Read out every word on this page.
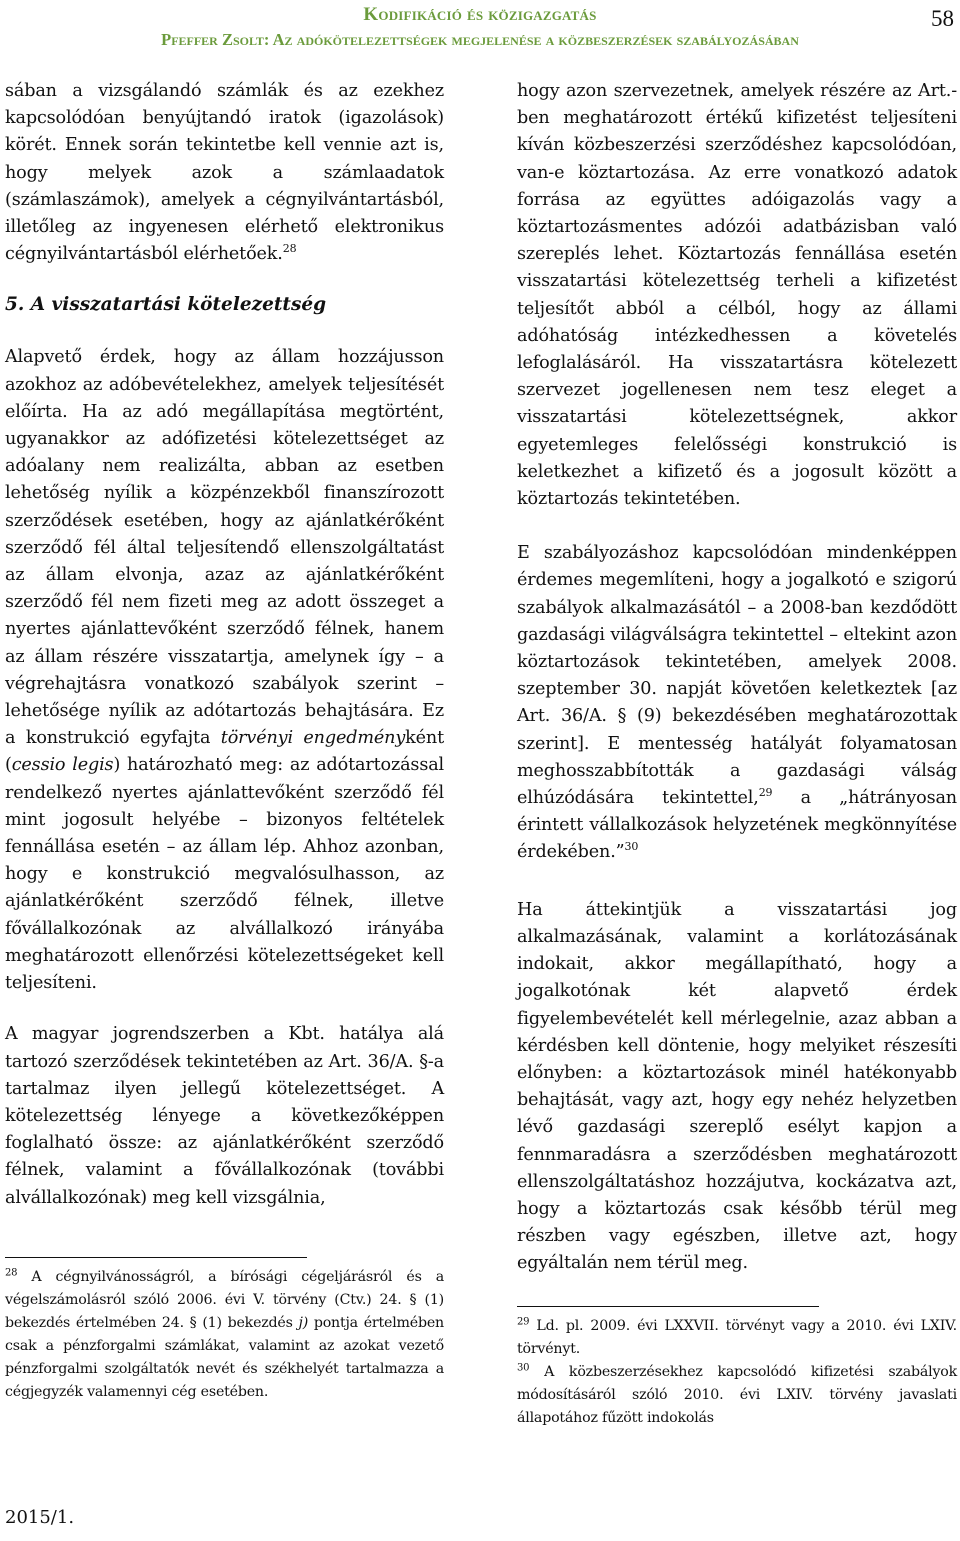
Kodifikáció és közigazgatás
Pfeffer Zsolt: Az adókötelezettségek megjelenése a közbeszerzések szabályozásában
58

sában a vizsgálandó számlák és az ezekhez kapcsolódóan benyújtandó iratok (igazolások) körét. Ennek során tekintetbe kell vennie azt is, hogy melyek azok a számlaadatok (számlaszámok), amelyek a cégnyilvántartásból, illetőleg az ingyenesen elérhető elektronikus cégnyilvántartásból elérhetőek.$^{28}$

5. A visszatartási kötelezettség

Alapvető érdek, hogy az állam hozzájusson azokhoz az adóbevételekhez, amelyek teljesítését előírta. Ha az adó megállapítása megtörtént, ugyanakkor az adófizetési kötelezettséget az adóalany nem realizálta, abban az esetben lehetőség nyílik a közpénzekből finanszírozott szerződések esetében, hogy az ajánlatkérőként szerződő fél által teljesítendő ellenszolgáltatást az állam elvonja, azaz az ajánlatkérőként szerződő fél nem fizeti meg az adott összeget a nyertes ajánlattevőként szerződő félnek, hanem az állam részére visszatartja, amelynek így – a végrehajtásra vonatkozó szabályok szerint – lehetősége nyílik az adótartozás behajtására. Ez a konstrukció egyfajta törvényi engedményként (cessio legis) határozható meg: az adótartozással rendelkező nyertes ajánlattevőként szerződő fél mint jogosult helyébe – bizonyos feltételek fennállása esetén – az állam lép. Ahhoz azonban, hogy e konstrukció megvalósulhasson, az ajánlatkérőként szerződő félnek, illetve fővállalkozónak az alvállalkozó irányába meghatározott ellenőrzési kötelezettségeket kell teljesíteni.

A magyar jogrendszerben a Kbt. hatálya alá tartozó szerződések tekintetében az Art. 36/A. §-a tartalmaz ilyen jellegű kötelezettséget. A kötelezettség lényege a következőképpen foglalható össze: az ajánlatkérőként szerződő félnek, valamint a fővállalkozónak (további alvállalkozónak) meg kell vizsgálnia,

$^{28}$ A cégnyilvánosságról, a bírósági cégeljárásról és a végelszámolásról szóló 2006. évi V. törvény (Ctv.) 24. § (1) bekezdés értelmében 24. § (1) bekezdés j) pontja értelmében csak a pénzforgalmi számlákat, valamint az azokat vezető pénzforgalmi szolgáltatók nevét és székhelyét tartalmazza a cégjegyzék valamennyi cég esetében.

2015/1.

hogy azon szervezetnek, amelyek részére az Art.-ben meghatározott értékű kifizetést teljesíteni kíván közbeszerzési szerződéshez kapcsolódóan, van-e köztartozása. Az erre vonatkozó adatok forrása az együttes adóigazolás vagy a köztartozásmentes adózói adatbázisban való szereplés lehet. Köztartozás fennállása esetén visszatartási kötelezettség terheli a kifizetést teljesítőt abból a célból, hogy az állami adóhatóság intézkedhessen a követelés lefoglalásáról. Ha visszatartásra kötelezett szervezet jogellenesen nem tesz eleget a visszatartási kötelezettségnek, akkor egyetemleges felelősségi konstrukció is keletkezhet a kifizető és a jogosult között a köztartozás tekintetében.

E szabályozáshoz kapcsolódóan mindenképpen érdemes megemlíteni, hogy a jogalkotó e szigorú szabályok alkalmazásától – a 2008-ban kezdődött gazdasági világválságra tekintettel – eltekint azon köztartozások tekintetében, amelyek 2008. szeptember 30. napját követően keletkeztek [az Art. 36/A. § (9) bekezdésében meghatározottak szerint]. E mentesség hatályát folyamatosan meghosszabbították a gazdasági válság elhúzódására tekintettel,$^{29}$ a „hátrányosan érintett vállalkozások helyzetének megkönnyítése érdekében.”$^{30}$

Ha áttekintjük a visszatartási jog alkalmazásának, valamint a korlátozásának indokait, akkor megállapítható, hogy a jogalkotónak két alapvető érdek figyelembevételét kell mérlegelnie, azaz abban a kérdésben kell döntenie, hogy melyiket részesíti előnyben: a köztartozások minél hatékonyabb behajtását, vagy azt, hogy egy nehéz helyzetben lévő gazdasági szereplő esélyt kapjon a fennmaradásra a szerződésben meghatározott ellenszolgáltatáshoz hozzájutva, kockázatva azt, hogy a köztartozás csak később térül meg részben vagy egészben, illetve azt, hogy egyáltalán nem térül meg.

$^{29}$ Ld. pl. 2009. évi LXXVII. törvényt vagy a 2010. évi LXIV. törvényt.

$^{30}$ A közbeszerzésekhez kapcsolódó kifizetési szabályok módosításáról szóló 2010. évi LXIV. törvény javaslati állapotához fűzött indokolás
